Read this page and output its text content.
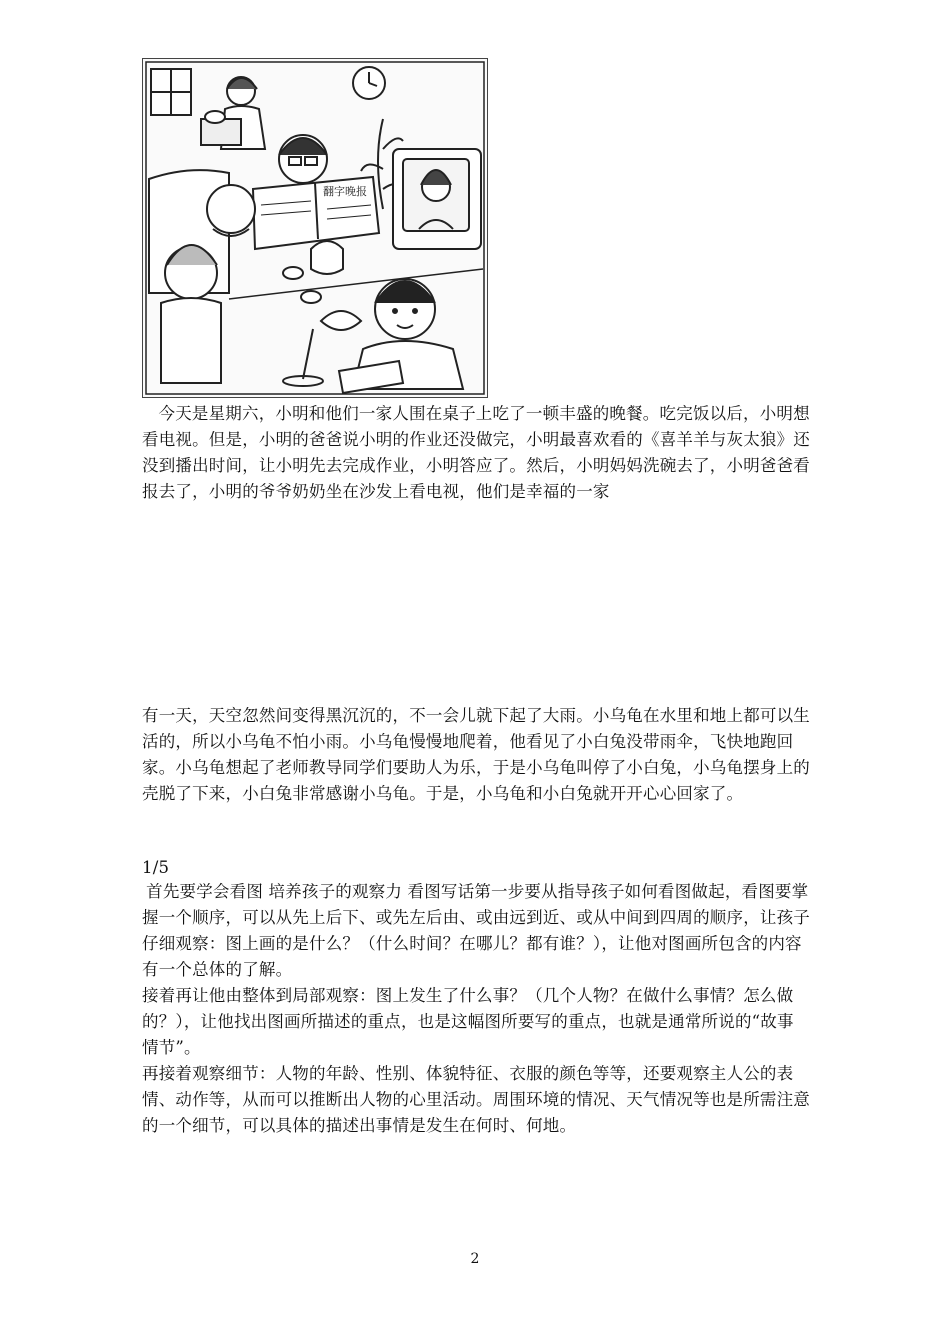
翻字晚报

今天是星期六，小明和他们一家人围在桌子上吃了一顿丰盛的晚餐。吃完饭以后，小明想看电视。但是，小明的爸爸说小明的作业还没做完，小明最喜欢看的《喜羊羊与灰太狼》还没到播出时间，让小明先去完成作业，小明答应了。然后，小明妈妈洗碗去了，小明爸爸看报去了，小明的爷爷奶奶坐在沙发上看电视，他们是幸福的一家

有一天，天空忽然间变得黑沉沉的，不一会儿就下起了大雨。小乌龟在水里和地上都可以生活的，所以小乌龟不怕小雨。小乌龟慢慢地爬着，他看见了小白兔没带雨伞，飞快地跑回家。小乌龟想起了老师教导同学们要助人为乐，于是小乌龟叫停了小白兔，小乌龟摆身上的壳脱了下来，小白兔非常感谢小乌龟。于是，小乌龟和小白兔就开开心心回家了。

1/5

首先要学会看图 培养孩子的观察力 看图写话第一步要从指导孩子如何看图做起，看图要掌握一个顺序，可以从先上后下、或先左后由、或由远到近、或从中间到四周的顺序，让孩子仔细观察：图上画的是什么？（什么时间？在哪儿？都有谁？），让他对图画所包含的内容有一个总体的了解。

接着再让他由整体到局部观察：图上发生了什么事？（几个人物？在做什么事情？怎么做的？），让他找出图画所描述的重点，也是这幅图所要写的重点，也就是通常所说的“故事情节”。

再接着观察细节：人物的年龄、性别、体貌特征、衣服的颜色等等，还要观察主人公的表情、动作等，从而可以推断出人物的心里活动。周围环境的情况、天气情况等也是所需注意的一个细节，可以具体的描述出事情是发生在何时、何地。

2
